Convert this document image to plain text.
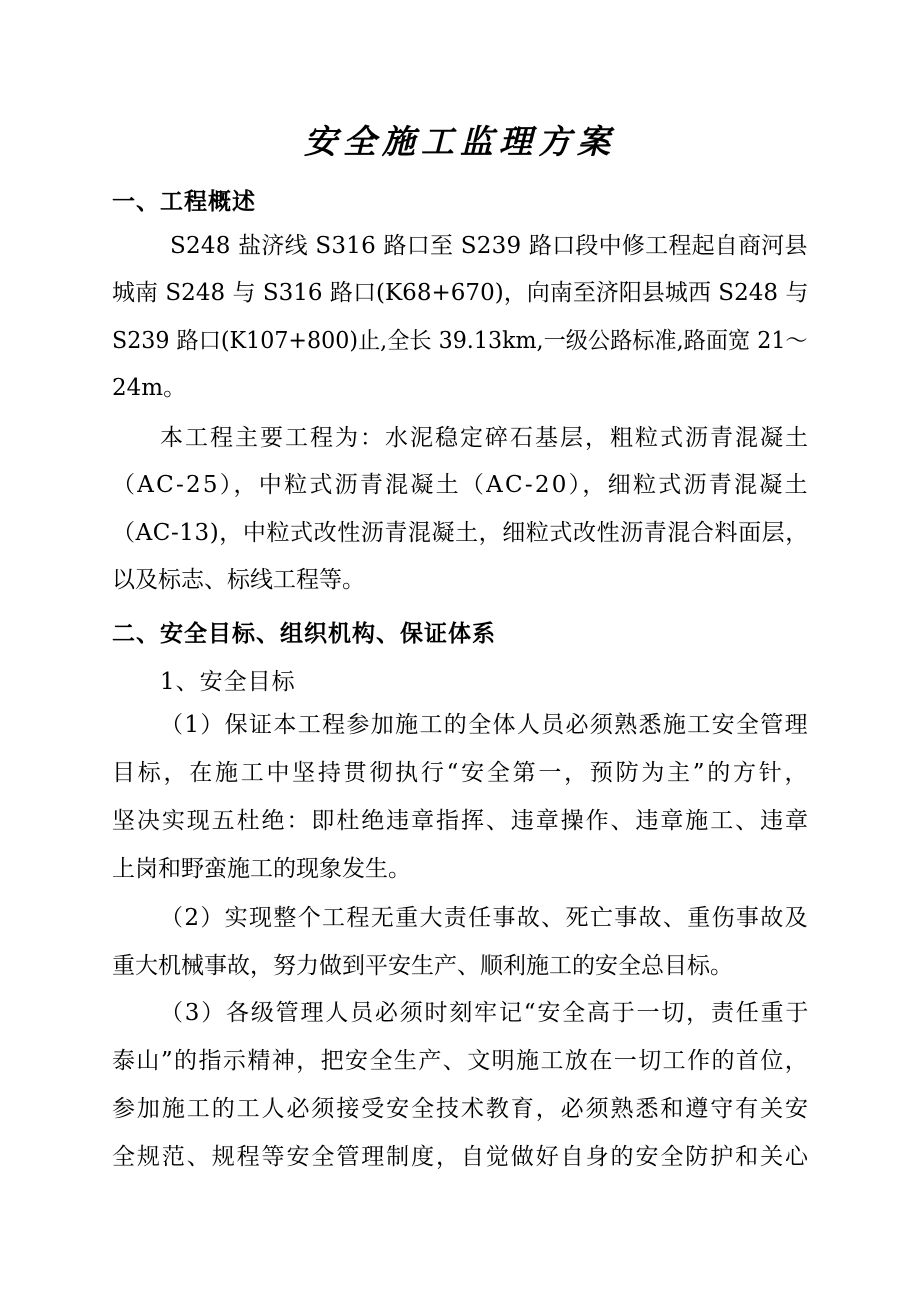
安全施工监理方案
一、工程概述
S248 盐济线 S316 路口至 S239 路口段中修工程起自商河县
城南 S248 与 S316 路口(K68+670)，向南至济阳县城西 S248 与
S239 路口(K107+800)止,全长 39.13km,一级公路标准,路面宽 21～
24m。
本工程主要工程为：水泥稳定碎石基层，粗粒式沥青混凝土
（AC-25），中粒式沥青混凝土（AC-20），细粒式沥青混凝土
（AC-13)，中粒式改性沥青混凝土，细粒式改性沥青混合料面层，
以及标志、标线工程等。
二、安全目标、组织机构、保证体系
1、安全目标
（1）保证本工程参加施工的全体人员必须熟悉施工安全管理
目标，在施工中坚持贯彻执行“安全第一，预防为主”的方针，
坚决实现五杜绝：即杜绝违章指挥、违章操作、违章施工、违章
上岗和野蛮施工的现象发生。
（2）实现整个工程无重大责任事故、死亡事故、重伤事故及
重大机械事故，努力做到平安生产、顺利施工的安全总目标。
（3）各级管理人员必须时刻牢记“安全高于一切，责任重于
泰山”的指示精神，把安全生产、文明施工放在一切工作的首位，
参加施工的工人必须接受安全技术教育，必须熟悉和遵守有关安
全规范、规程等安全管理制度，自觉做好自身的安全防护和关心
